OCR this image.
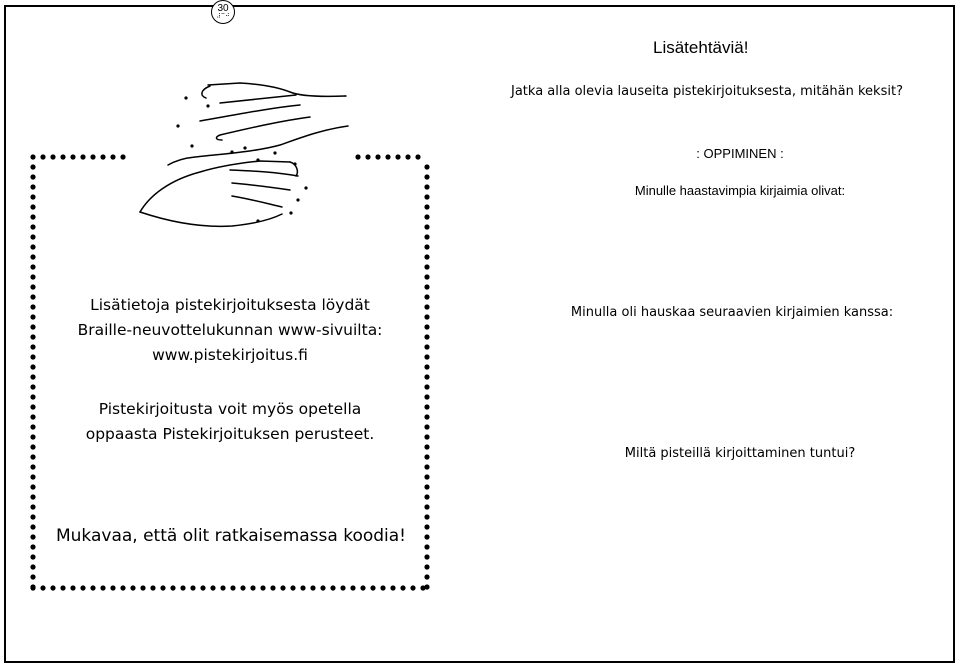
30
⠼⠉⠚
Lisätehtäviä!
Jatka alla olevia lauseita pistekirjoituksesta, mitähän keksit?
: OPPIMINEN :
Minulle haastavimpia kirjaimia olivat:
Minulla oli hauskaa seuraavien kirjaimien kanssa:
Miltä pisteillä kirjoittaminen tuntui?
Lisätietoja pistekirjoituksesta löydät
Braille-neuvottelukunnan www-sivuilta:
www.pistekirjoitus.fi
Pistekirjoitusta voit myös opetella
oppaasta Pistekirjoituksen perusteet.
Mukavaa, että olit ratkaisemassa koodia!
